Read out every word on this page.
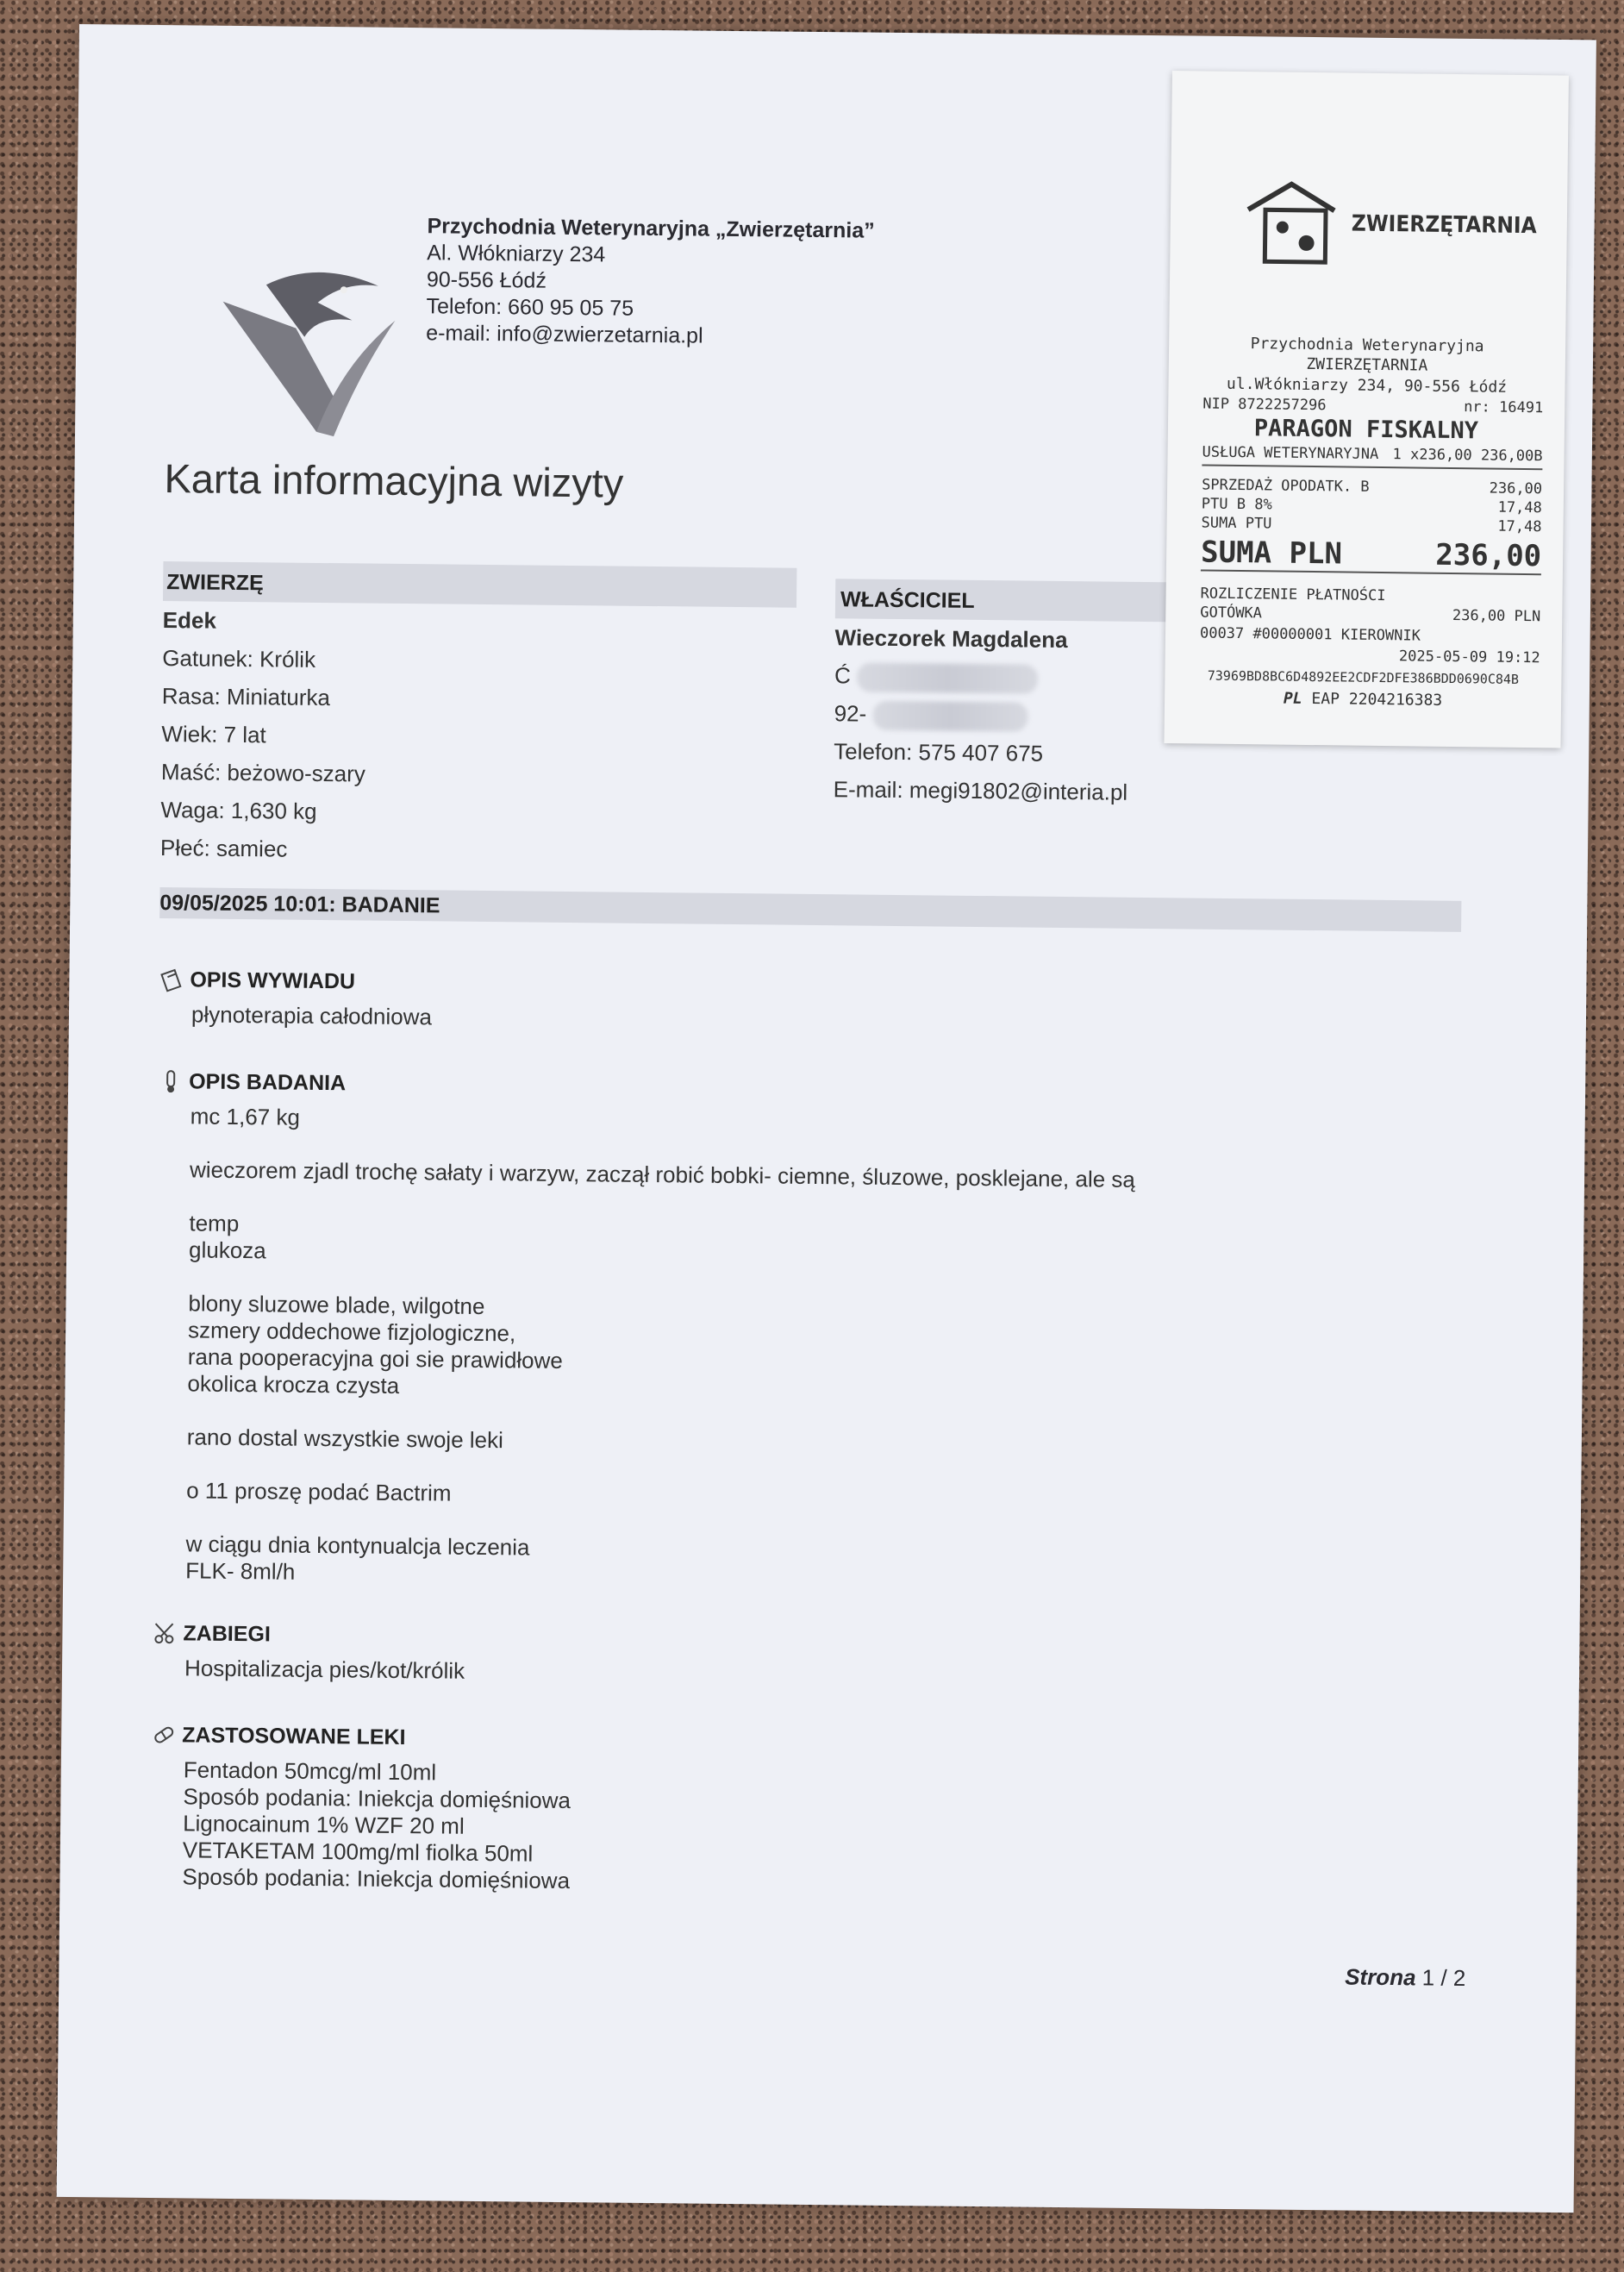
Przychodnia Weterynaryjna „Zwierzętarnia”
Al. Włókniarzy 234
90-556 Łódź
Telefon: 660 95 05 75
e-mail: info@zwierzetarnia.pl
Karta informacyjna wizyty
ZWIERZĘ
Edek
Gatunek: Królik
Rasa: Miniaturka
Wiek: 7 lat
Maść: beżowo-szary
Waga: 1,630 kg
Płeć: samiec
WŁAŚCICIEL
Wieczorek Magdalena
Ć
92-
Telefon: 575 407 675
E-mail: megi91802@interia.pl
09/05/2025 10:01: BADANIE
OPIS WYWIADU
płynoterapia całodniowa
OPIS BADANIA
mc 1,67 kg

wieczorem zjadl trochę sałaty i warzyw, zaczął robić bobki- ciemne, śluzowe, posklejane, ale są

temp
glukoza

blony sluzowe blade, wilgotne
szmery oddechowe fizjologiczne,
rana pooperacyjna goi sie prawidłowe
okolica krocza czysta

rano dostal wszystkie swoje leki

o 11 proszę podać Bactrim

w ciągu dnia kontynualcja leczenia
FLK- 8ml/h
ZABIEGI
Hospitalizacja pies/kot/królik
ZASTOSOWANE LEKI
Fentadon 50mcg/ml 10ml
Sposób podania: Iniekcja domięśniowa
Lignocainum 1% WZF 20 ml
VETAKETAM 100mg/ml fiolka 50ml
Sposób podania: Iniekcja domięśniowa
Strona 1 / 2
ZWIERZĘTARNIA
Przychodnia Weterynaryjna
ZWIERZĘTARNIA
ul.Włókniarzy 234, 90-556 Łódź
NIP 8722257296	nr: 16491
PARAGON FISKALNY
USŁUGA WETERYNARYJNA 1 x236,00 236,00B
SPRZEDAŻ OPODATK. B	236,00
PTU B 8%	17,48
SUMA PTU	17,48
SUMA PLN	236,00
ROZLICZENIE PŁATNOŚCI
GOTÓWKA	236,00 PLN
00037 #00000001 KIEROWNIK
2025-05-09 19:12
73969BD8BC6D4892EE2CDF2DFE386BDD0690C84B
PL EAP 2204216383
